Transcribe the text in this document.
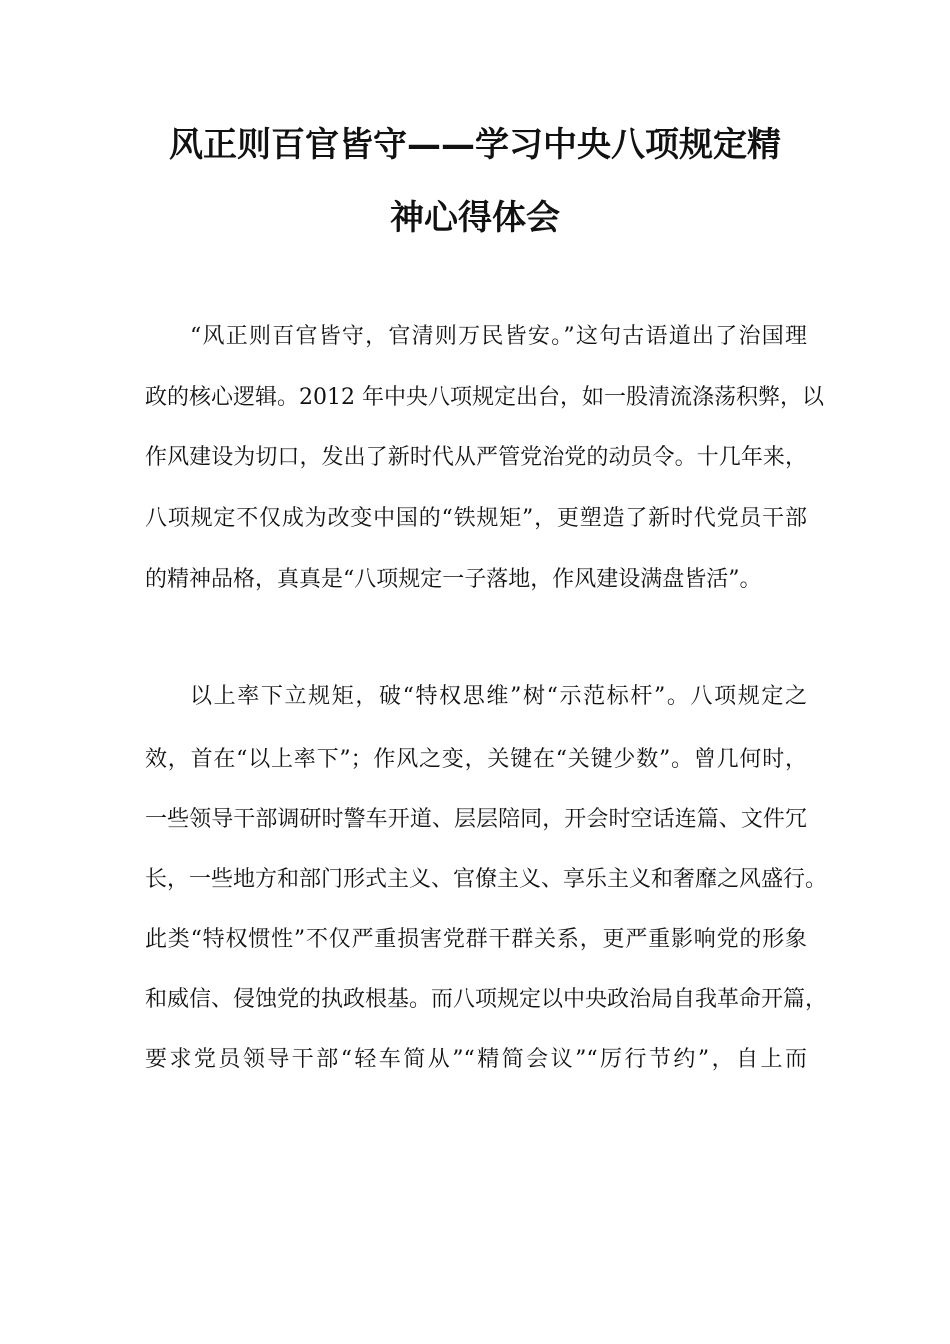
风正则百官皆守——学习中央八项规定精
神心得体会
“风正则百官皆守，官清则万民皆安。”这句古语道出了治国理
政的核心逻辑。2012 年中央八项规定出台，如一股清流涤荡积弊，以
作风建设为切口，发出了新时代从严管党治党的动员令。十几年来，
八项规定不仅成为改变中国的“铁规矩”，更塑造了新时代党员干部
的精神品格，真真是“八项规定一子落地，作风建设满盘皆活”。
以上率下立规矩，破“特权思维”树“示范标杆”。八项规定之
效，首在“以上率下”；作风之变，关键在“关键少数”。曾几何时，
一些领导干部调研时警车开道、层层陪同，开会时空话连篇、文件冗
长，一些地方和部门形式主义、官僚主义、享乐主义和奢靡之风盛行。
此类“特权惯性”不仅严重损害党群干群关系，更严重影响党的形象
和威信、侵蚀党的执政根基。而八项规定以中央政治局自我革命开篇，
要求党员领导干部“轻车简从”“精简会议”“厉行节约”，自上而
